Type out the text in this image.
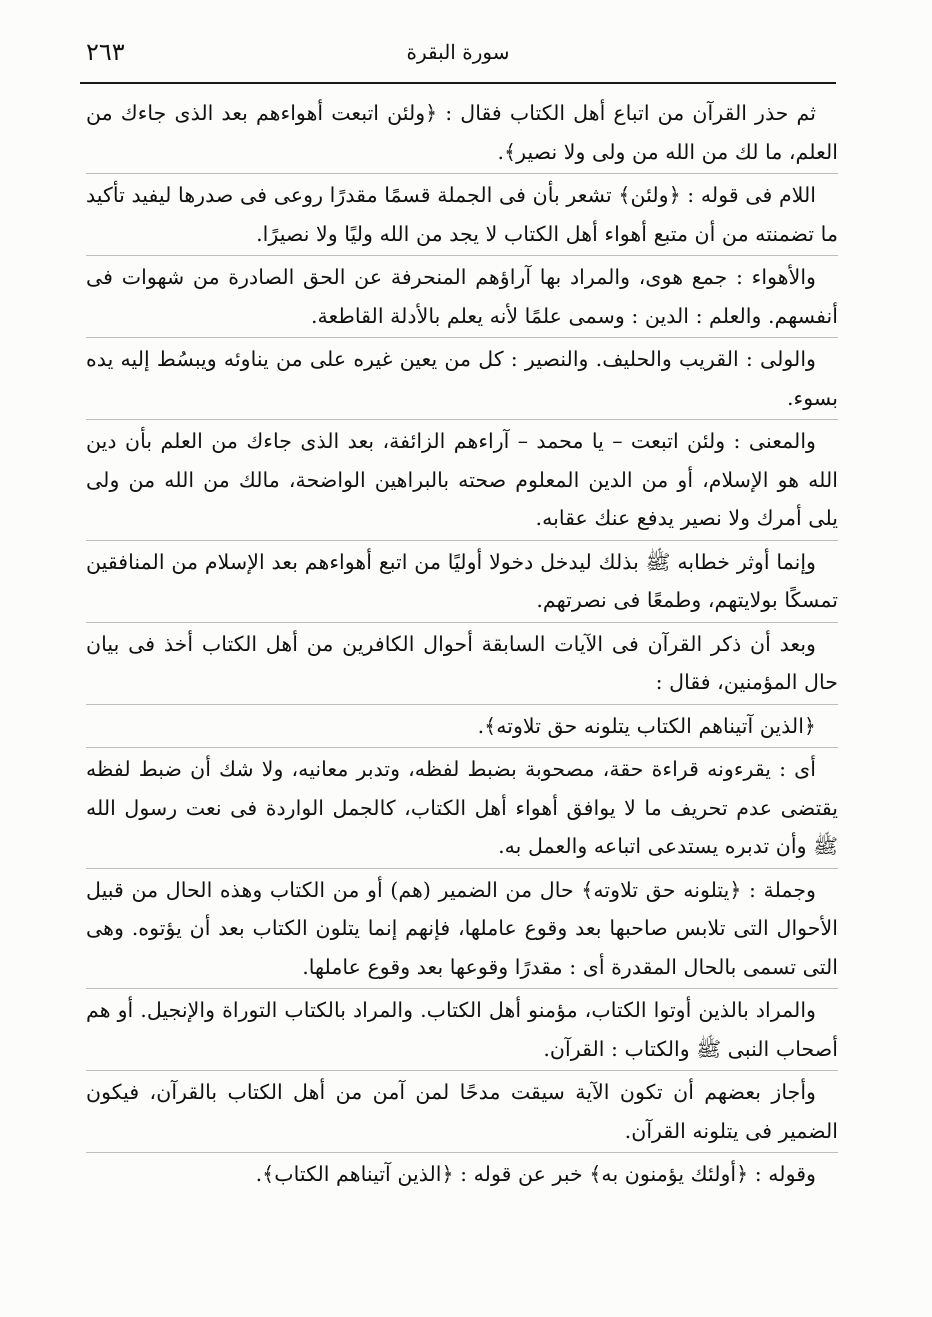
٢٦٣	سورة البقرة

ثم حذر القرآن من اتباع أهل الكتاب فقال : ﴿ولئن اتبعت أهواءهم بعد الذى جاءك من العلم، ما لك من الله من ولى ولا نصير﴾.

اللام فى قوله : ﴿ولئن﴾ تشعر بأن فى الجملة قسمًا مقدرًا روعى فى صدرها ليفيد تأكيد ما تضمنته من أن متبع أهواء أهل الكتاب لا يجد من الله وليًا ولا نصيرًا.

والأهواء : جمع هوى، والمراد بها آراؤهم المنحرفة عن الحق الصادرة من شهوات فى أنفسهم. والعلم : الدين : وسمى علمًا لأنه يعلم بالأدلة القاطعة.

والولى : القريب والحليف. والنصير : كل من يعين غيره على من يناوئه ويبسُط إليه يده بسوء.

والمعنى : ولئن اتبعت – يا محمد – آراءهم الزائفة، بعد الذى جاءك من العلم بأن دين الله هو الإسلام، أو من الدين المعلوم صحته بالبراهين الواضحة، مالك من الله من ولى يلى أمرك ولا نصير يدفع عنك عقابه.

وإنما أوثر خطابه ﷺ بذلك ليدخل دخولا أوليًا من اتبع أهواءهم بعد الإسلام من المنافقين تمسكًا بولايتهم، وطمعًا فى نصرتهم.

وبعد أن ذكر القرآن فى الآيات السابقة أحوال الكافرين من أهل الكتاب أخذ فى بيان حال المؤمنين، فقال :

﴿الذين آتيناهم الكتاب يتلونه حق تلاوته﴾.

أى : يقرءونه قراءة حقة، مصحوبة بضبط لفظه، وتدبر معانيه، ولا شك أن ضبط لفظه يقتضى عدم تحريف ما لا يوافق أهواء أهل الكتاب، كالجمل الواردة فى نعت رسول الله ﷺ وأن تدبره يستدعى اتباعه والعمل به.

وجملة : ﴿يتلونه حق تلاوته﴾ حال من الضمير (هم) أو من الكتاب وهذه الحال من قبيل الأحوال التى تلابس صاحبها بعد وقوع عاملها، فإنهم إنما يتلون الكتاب بعد أن يؤتوه. وهى التى تسمى بالحال المقدرة أى : مقدرًا وقوعها بعد وقوع عاملها.

والمراد بالذين أوتوا الكتاب، مؤمنو أهل الكتاب. والمراد بالكتاب التوراة والإنجيل. أو هم أصحاب النبى ﷺ والكتاب : القرآن.

وأجاز بعضهم أن تكون الآية سيقت مدحًا لمن آمن من أهل الكتاب بالقرآن، فيكون الضمير فى يتلونه القرآن.

وقوله : ﴿أولئك يؤمنون به﴾ خبر عن قوله : ﴿الذين آتيناهم الكتاب﴾.
